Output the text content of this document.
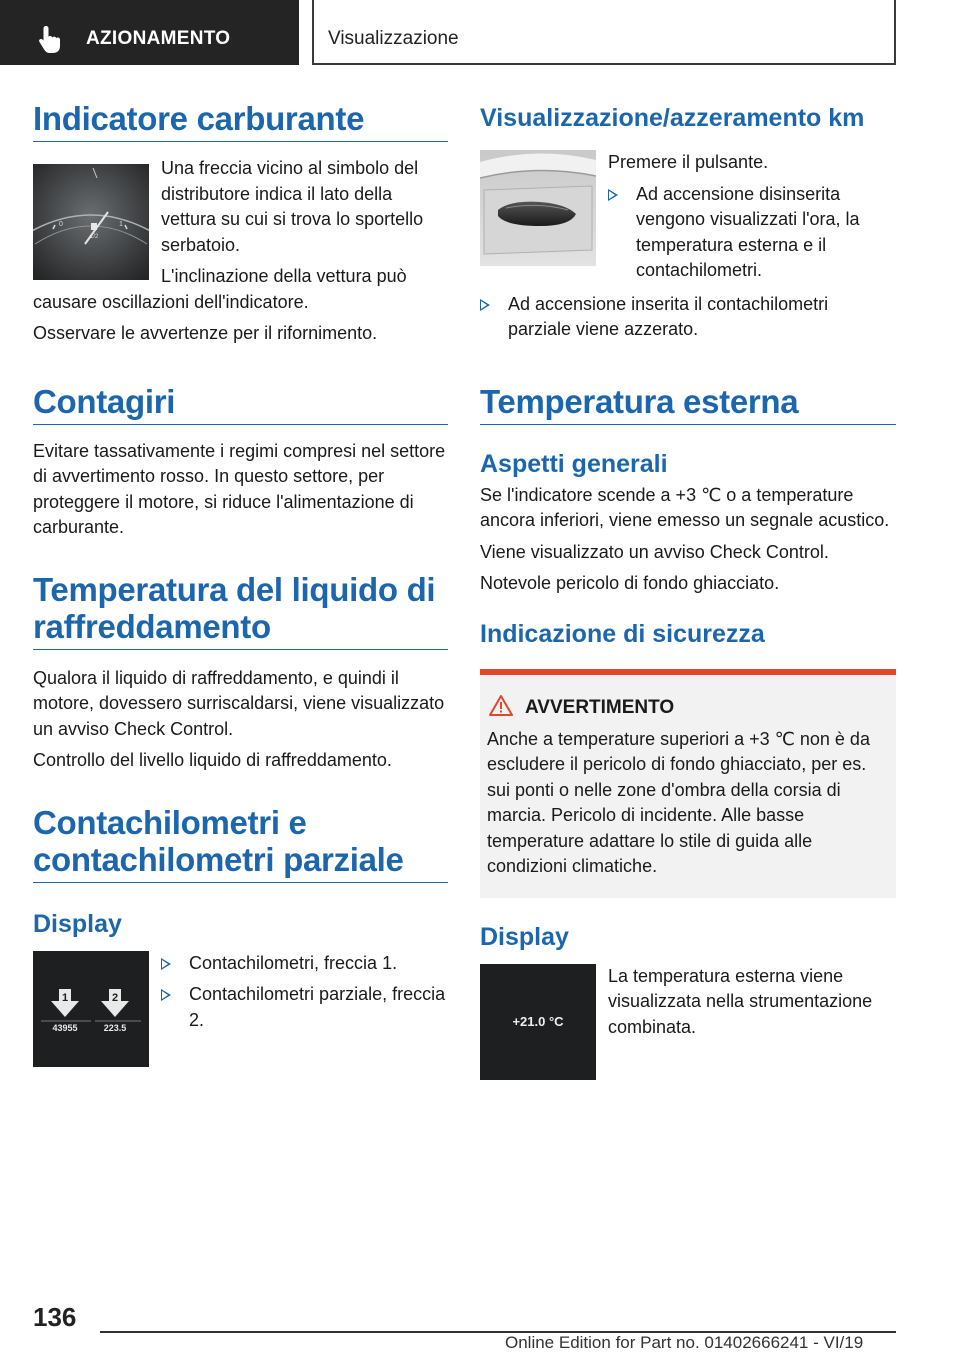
AZIONAMENTO	Visualizzazione
Indicatore carburante
0	1
1/2

Una freccia vicino al simbolo del distributore indica il lato della vettura su cui si trova lo sportello serbatoio.

L'inclinazione della vettura può causare oscillazioni dell'indicatore.

Osservare le avvertenze per il rifornimento.

Contagiri

Evitare tassativamente i regimi compresi nel settore di avvertimento rosso. In questo settore, per proteggere il motore, si riduce l'alimentazione di carburante.

Temperatura del liquido di raffreddamento

Qualora il liquido di raffreddamento, e quindi il motore, dovessero surriscaldarsi, viene visualizzato un avviso Check Control.

Controllo del livello liquido di raffreddamento.

Contachilometri e contachilometri parziale
Display
1	2
43955	223.5
Contachilometri, freccia 1.
Contachilometri parziale, freccia 2.
Visualizzazione/azzeramento km

Premere il pulsante.

Ad accensione disinserita vengono visualizzati l'ora, la temperatura esterna e il contachilometri.
Ad accensione inserita il contachilometri parziale viene azzerato.
Temperatura esterna
Aspetti generali

Se l'indicatore scende a +3 ℃ o a temperature ancora inferiori, viene emesso un segnale acustico.

Viene visualizzato un avviso Check Control.

Notevole pericolo di fondo ghiacciato.

Indicazione di sicurezza
AVVERTIMENTO

Anche a temperature superiori a +3 ℃ non è da escludere il pericolo di fondo ghiacciato, per es. sui ponti o nelle zone d'ombra della corsia di marcia. Pericolo di incidente. Alle basse temperature adattare lo stile di guida alle condizioni climatiche.

Display
+21.0 °C

La temperatura esterna viene visualizzata nella strumentazione combinata.

136
Online Edition for Part no. 01402666241 - VI/19
